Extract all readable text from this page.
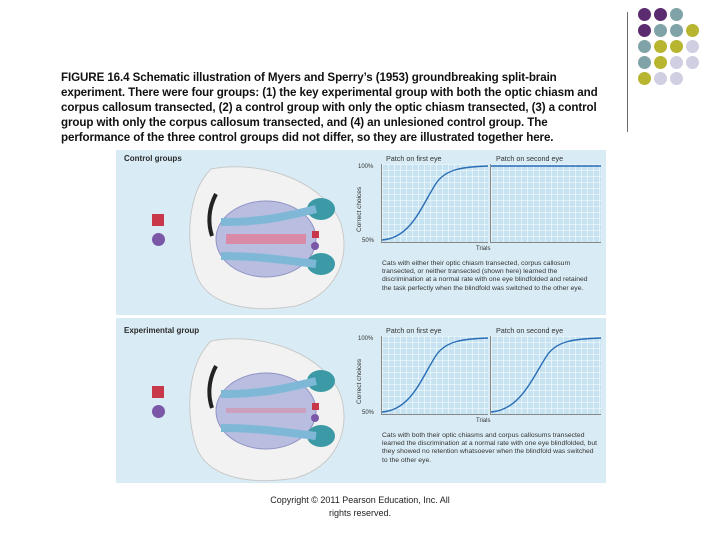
FIGURE 16.4 Schematic illustration of Myers and Sperry’s (1953) groundbreaking split-brain experiment. There were four groups: (1) the key experimental group with both the optic chiasm and corpus callosum transected, (2) a control group with only the optic chiasm transected, (3) a control group with only the corpus callosum transected, and (4) an unlesioned control group. The performance of the three control groups did not differ, so they are illustrated together here.
Control groups	Patch on first eye	Patch on second eye
100%
50%
Correct choices
Trials
Cats with either their optic chiasm transected, corpus callosum transected, or neither transected (shown here) learned the discrimination at a normal rate with one eye blindfolded and retained the task perfectly when the blindfold was switched to the other eye.
Experimental group	Patch on first eye	Patch on second eye
100%
50%
Correct choices
Trials
Cats with both their optic chiasms and corpus callosums transected learned the discrimination at a normal rate with one eye blindfolded, but they showed no retention whatsoever when the blindfold was switched to the other eye.
Copyright © 2011 Pearson Education, Inc. All
rights reserved.
